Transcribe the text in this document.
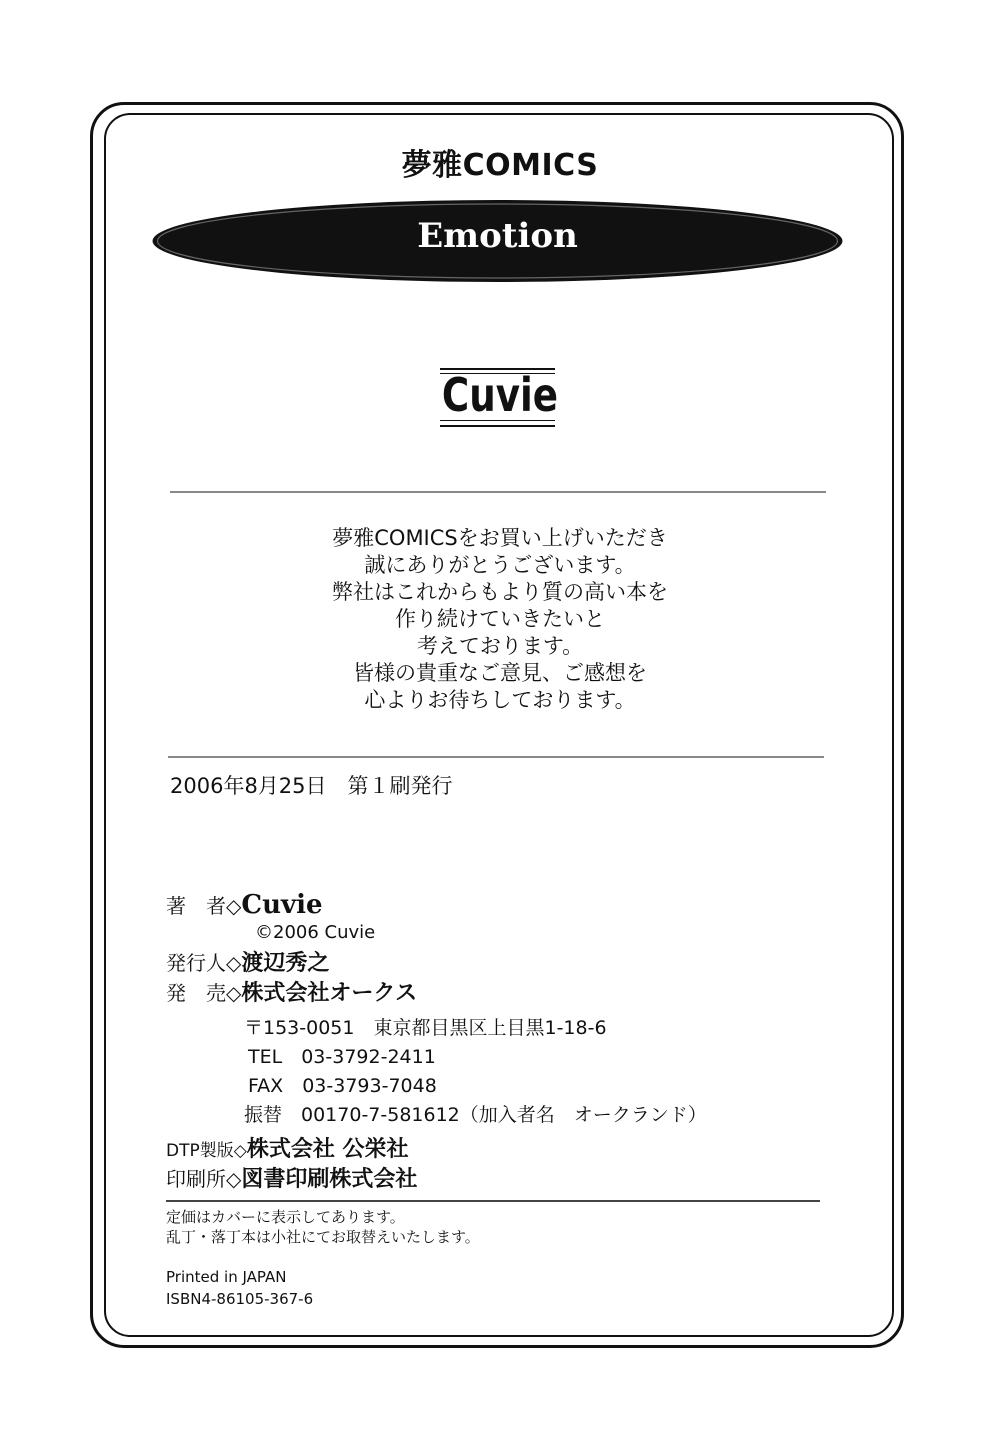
夢雅COMICS
Emotion
Cuvie
夢雅COMICSをお買い上げいただき
誠にありがとうございます。
弊社はこれからもより質の高い本を
作り続けていきたいと
考えております。
皆様の貴重なご意見、ご感想を
心よりお待ちしております。
2006年8月25日　第１刷発行
著　者◇Cuvie
©2006 Cuvie
発行人◇渡辺秀之
発　売◇株式会社オークス
〒153-0051　東京都目黒区上目黒1-18-6
TEL　03-3792-2411
FAX　03-3793-7048
振替　00170-7-581612（加入者名　オークランド）
DTP製版◇株式会社 公栄社
印刷所◇図書印刷株式会社
定価はカバーに表示してあります。
乱丁・落丁本は小社にてお取替えいたします。
Printed in JAPAN
ISBN4-86105-367-6
